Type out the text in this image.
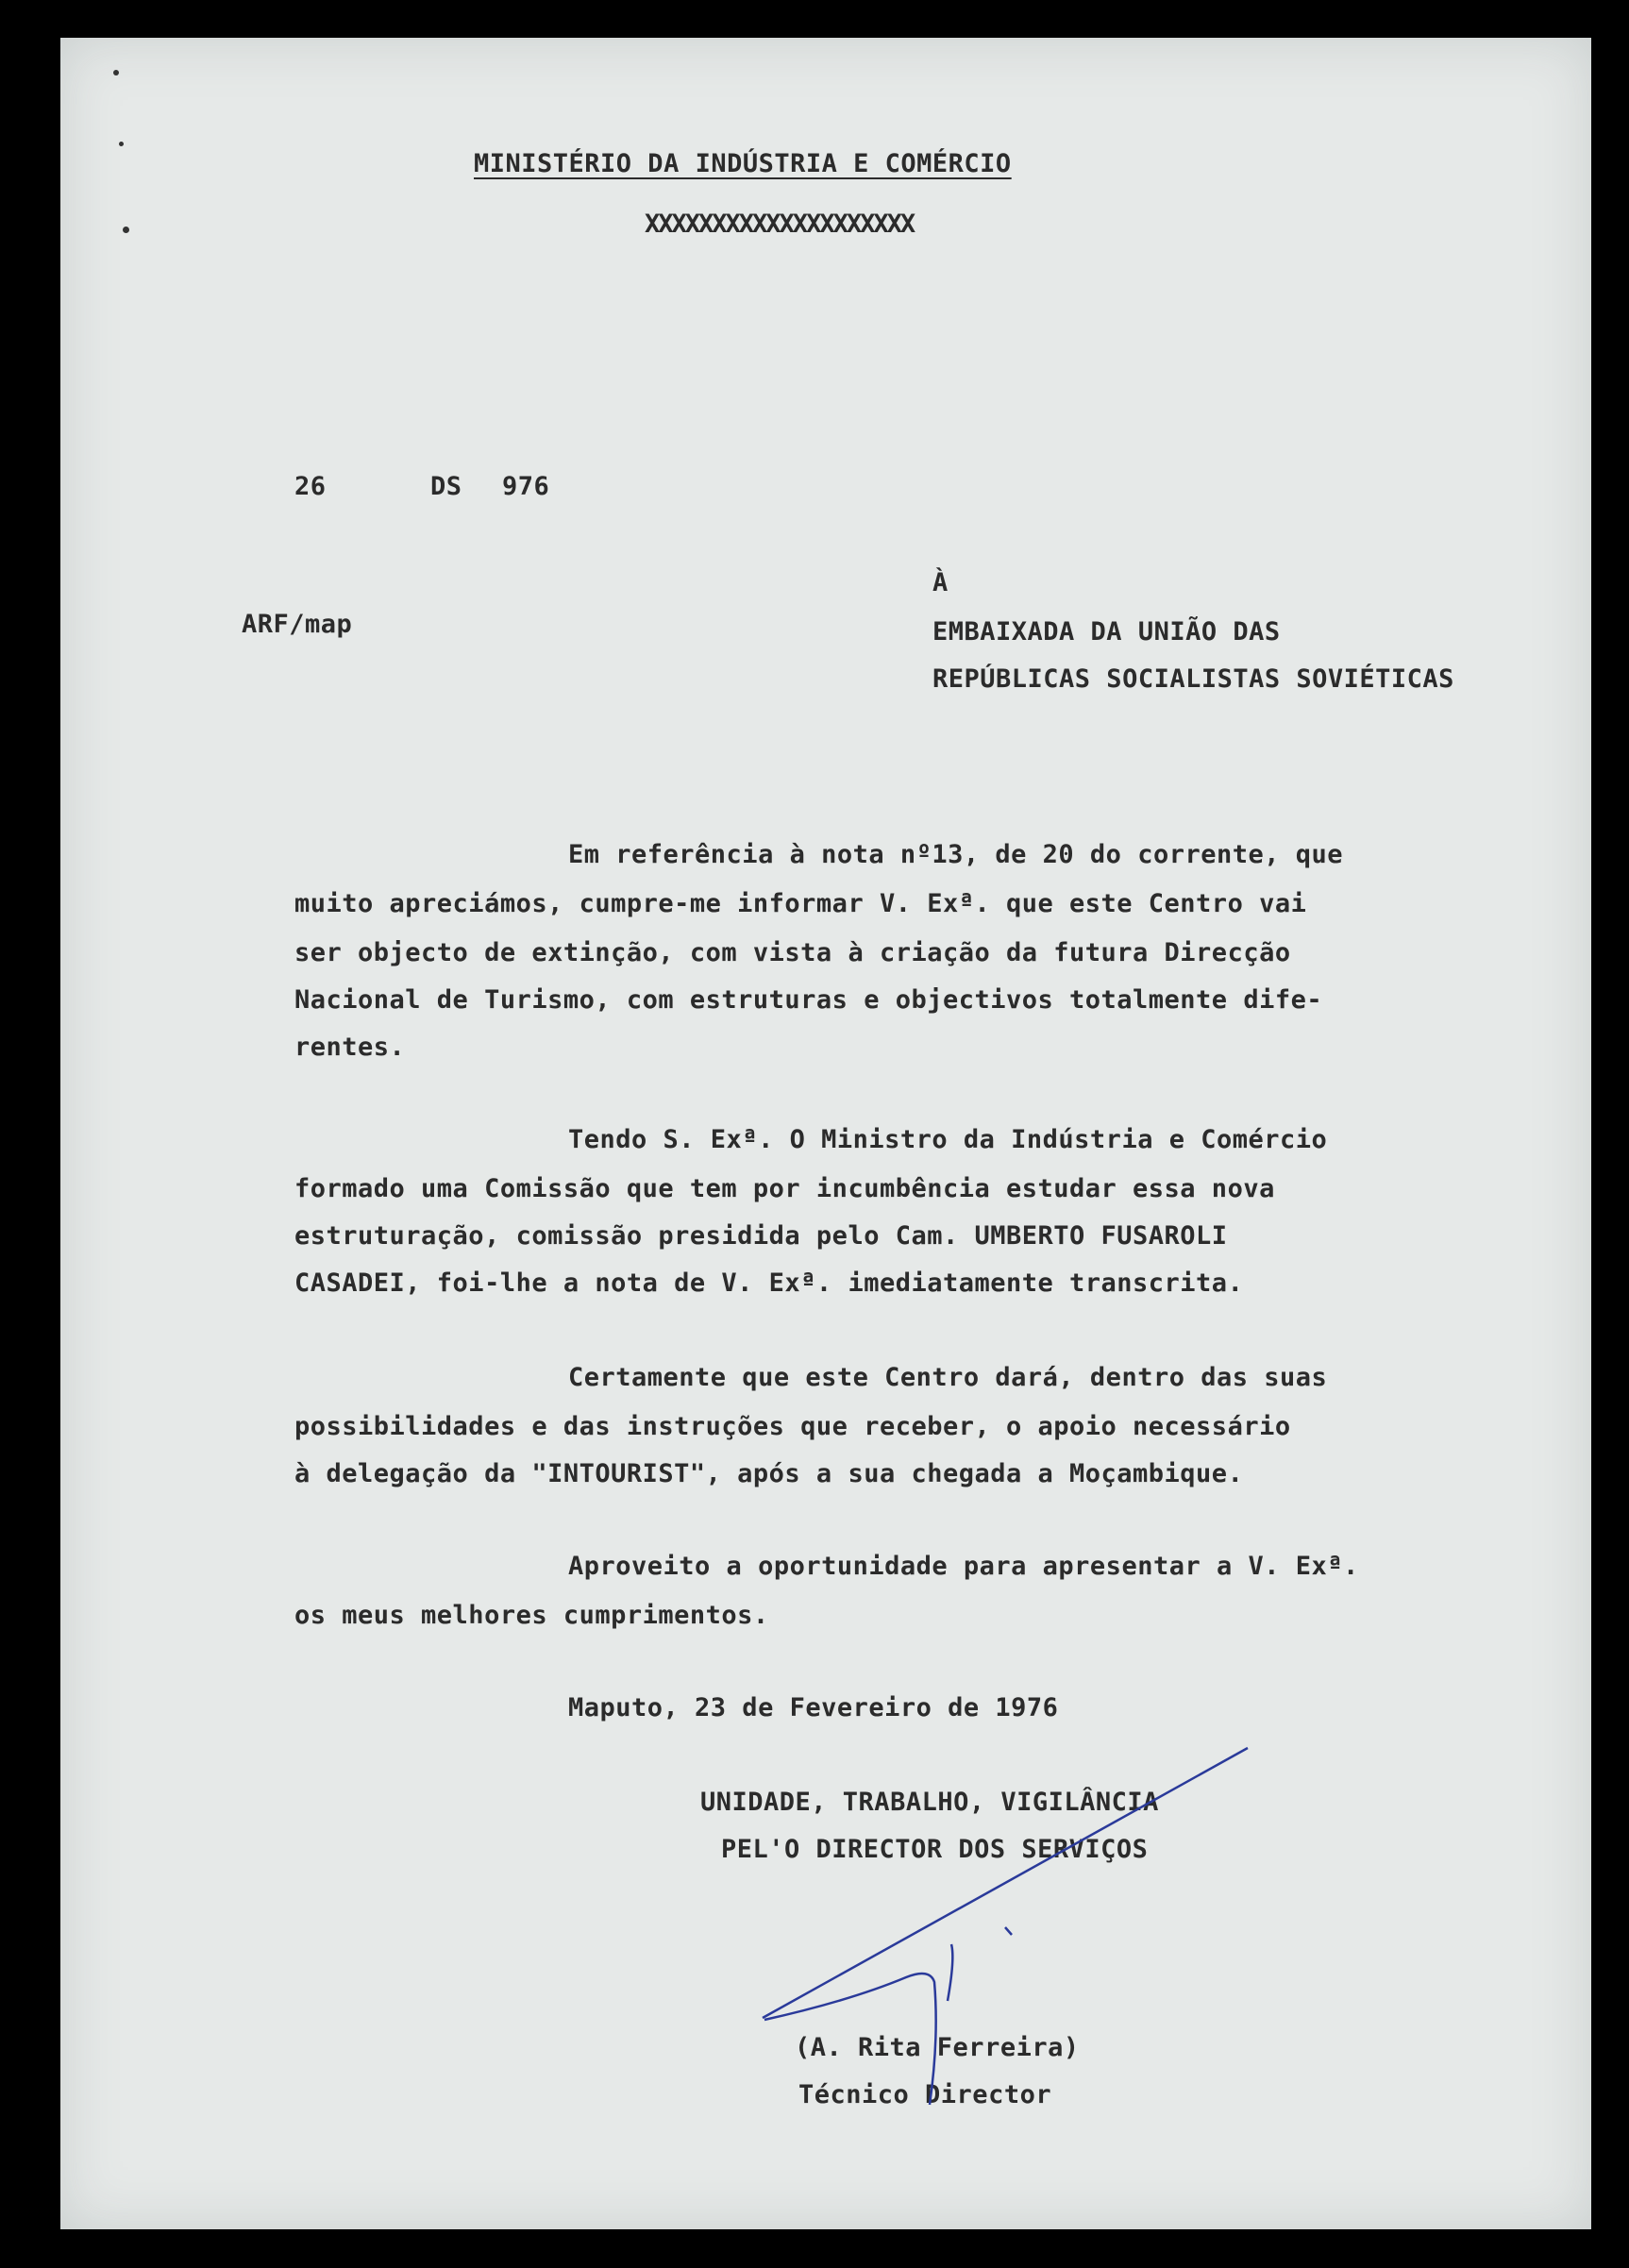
MINISTÉRIO DA INDÚSTRIA E COMÉRCIO
XXXXXXXXXXXXXXXXXXXX
26	DS 976
ARF/map
À
EMBAIXADA DA UNIÃO DAS
REPÚBLICAS SOCIALISTAS SOVIÉTICAS
Em referência à nota nº13, de 20 do corrente, que
muito apreciámos, cumpre-me informar V. Exª. que este Centro vai
ser objecto de extinção, com vista à criação da futura Direcção
Nacional de Turismo, com estruturas e objectivos totalmente dife-
rentes.
Tendo S. Exª. O Ministro da Indústria e Comércio
formado uma Comissão que tem por incumbência estudar essa nova
estruturação, comissão presidida pelo Cam. UMBERTO FUSAROLI
CASADEI, foi-lhe a nota de V. Exª. imediatamente transcrita.
Certamente que este Centro dará, dentro das suas
possibilidades e das instruções que receber, o apoio necessário
à delegação da "INTOURIST", após a sua chegada a Moçambique.
Aproveito a oportunidade para apresentar a V. Exª.
os meus melhores cumprimentos.
Maputo, 23 de Fevereiro de 1976
UNIDADE, TRABALHO, VIGILÂNCIA
PEL'O DIRECTOR DOS SERVIÇOS
(A. Rita Ferreira)
Técnico Director
